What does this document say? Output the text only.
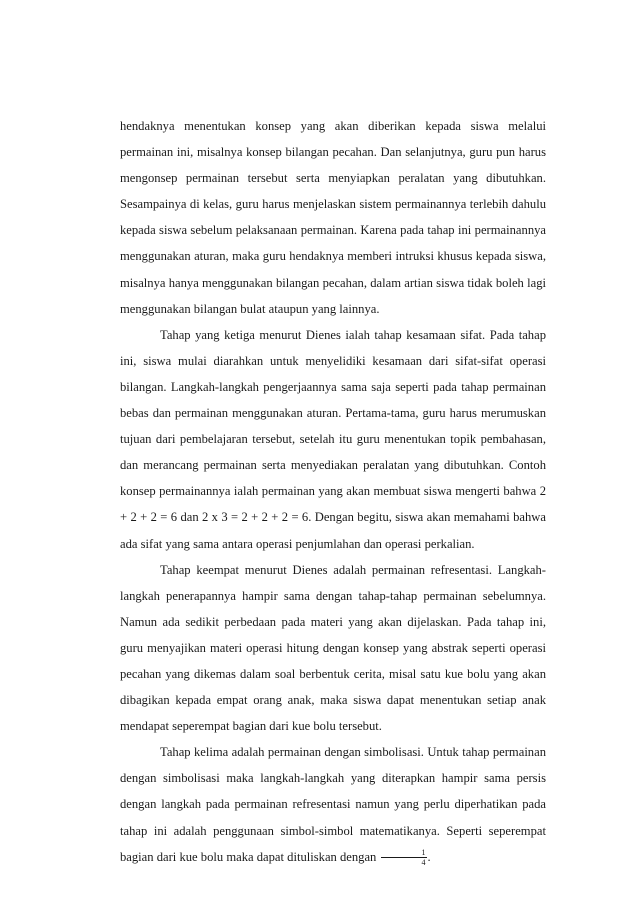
hendaknya menentukan konsep yang akan diberikan kepada siswa melalui permainan ini, misalnya konsep bilangan pecahan. Dan selanjutnya, guru pun harus mengonsep permainan tersebut serta menyiapkan peralatan yang dibutuhkan. Sesampainya di kelas, guru harus menjelaskan sistem permainannya terlebih dahulu kepada siswa sebelum pelaksanaan permainan. Karena pada tahap ini permainannya menggunakan aturan, maka guru hendaknya memberi intruksi khusus kepada siswa, misalnya hanya menggunakan bilangan pecahan, dalam artian siswa tidak boleh lagi menggunakan bilangan bulat ataupun yang lainnya.

Tahap yang ketiga menurut Dienes ialah tahap kesamaan sifat. Pada tahap ini, siswa mulai diarahkan untuk menyelidiki kesamaan dari sifat-sifat operasi bilangan. Langkah-langkah pengerjaannya sama saja seperti pada tahap permainan bebas dan permainan menggunakan aturan. Pertama-tama, guru harus merumuskan tujuan dari pembelajaran tersebut, setelah itu guru menentukan topik pembahasan, dan merancang permainan serta menyediakan peralatan yang dibutuhkan. Contoh konsep permainannya ialah permainan yang akan membuat siswa mengerti bahwa 2 + 2 + 2 = 6 dan 2 x 3 = 2 + 2 + 2 = 6. Dengan begitu, siswa akan memahami bahwa ada sifat yang sama antara operasi penjumlahan dan operasi perkalian.

Tahap keempat menurut Dienes adalah permainan refresentasi. Langkah-langkah penerapannya hampir sama dengan tahap-tahap permainan sebelumnya. Namun ada sedikit perbedaan pada materi yang akan dijelaskan. Pada tahap ini, guru menyajikan materi operasi hitung dengan konsep yang abstrak seperti operasi pecahan yang dikemas dalam soal berbentuk cerita, misal satu kue bolu yang akan dibagikan kepada empat orang anak, maka siswa dapat menentukan setiap anak mendapat seperempat bagian dari kue bolu tersebut.

Tahap kelima adalah permainan dengan simbolisasi. Untuk tahap permainan dengan simbolisasi maka langkah-langkah yang diterapkan hampir sama persis dengan langkah pada permainan refresentasi namun yang perlu diperhatikan pada tahap ini adalah penggunaan simbol-simbol matematikanya. Seperti seperempat bagian dari kue bolu maka dapat dituliskan dengan $\frac{1}{4}$ .
